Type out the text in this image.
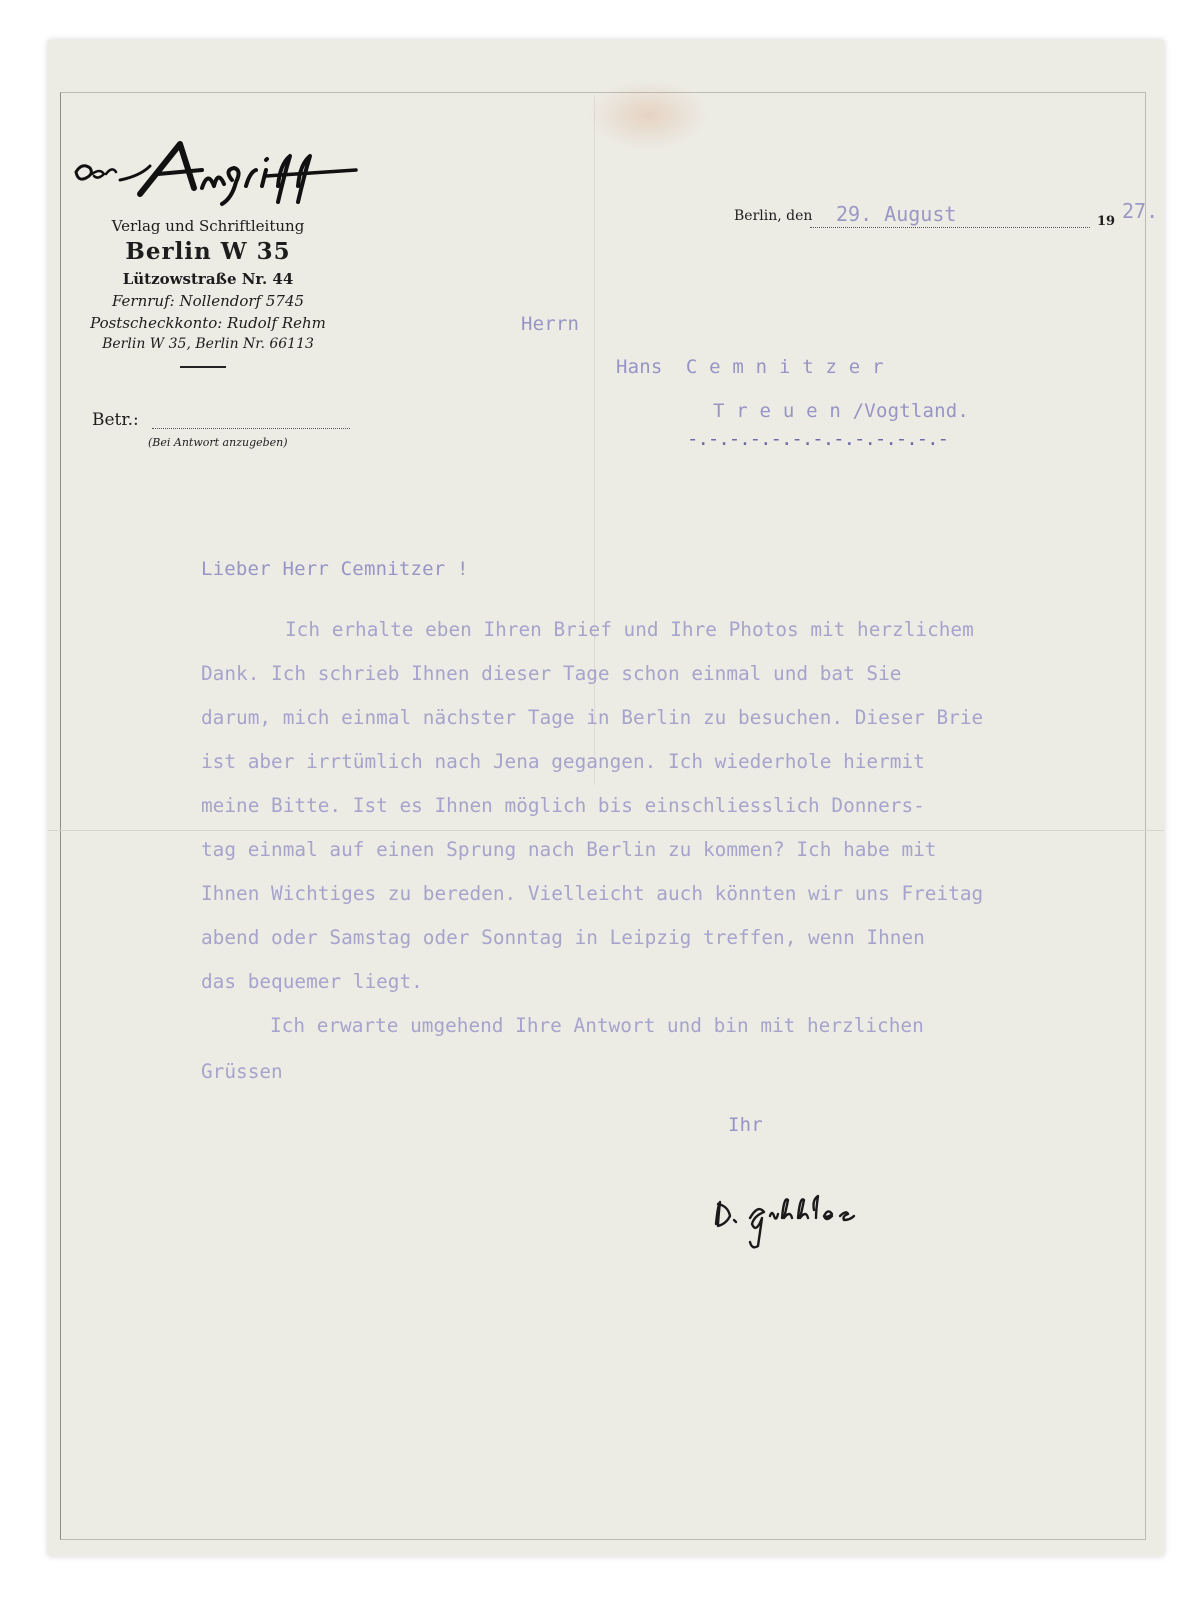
Verlag und Schriftleitung
Berlin W 35
Lützowstraße Nr. 44
Fernruf: Nollendorf 5745
Postscheckkonto: Rudolf Rehm
Berlin W 35, Berlin Nr. 66113
Betr.:
(Bei Antwort anzugeben)
Berlin, den 29. August	19 27.
Herrn
Hans  C e m n i t z e r
T r e u e n /Vogtland.
-.-.-.-.-.-.-.-.-.-.-.-.-
Lieber Herr Cemnitzer !
Ich erhalte eben Ihren Brief und Ihre Photos mit herzlichem
Dank. Ich schrieb Ihnen dieser Tage schon einmal und bat Sie
darum, mich einmal nächster Tage in Berlin zu besuchen. Dieser Brie
ist aber irrtümlich nach Jena gegangen. Ich wiederhole hiermit
meine Bitte. Ist es Ihnen möglich bis einschliesslich Donners-
tag einmal auf einen Sprung nach Berlin zu kommen? Ich habe mit
Ihnen Wichtiges zu bereden. Vielleicht auch könnten wir uns Freitag
abend oder Samstag oder Sonntag in Leipzig treffen, wenn Ihnen
das bequemer liegt.
Ich erwarte umgehend Ihre Antwort und bin mit herzlichen
Grüssen
Ihr
